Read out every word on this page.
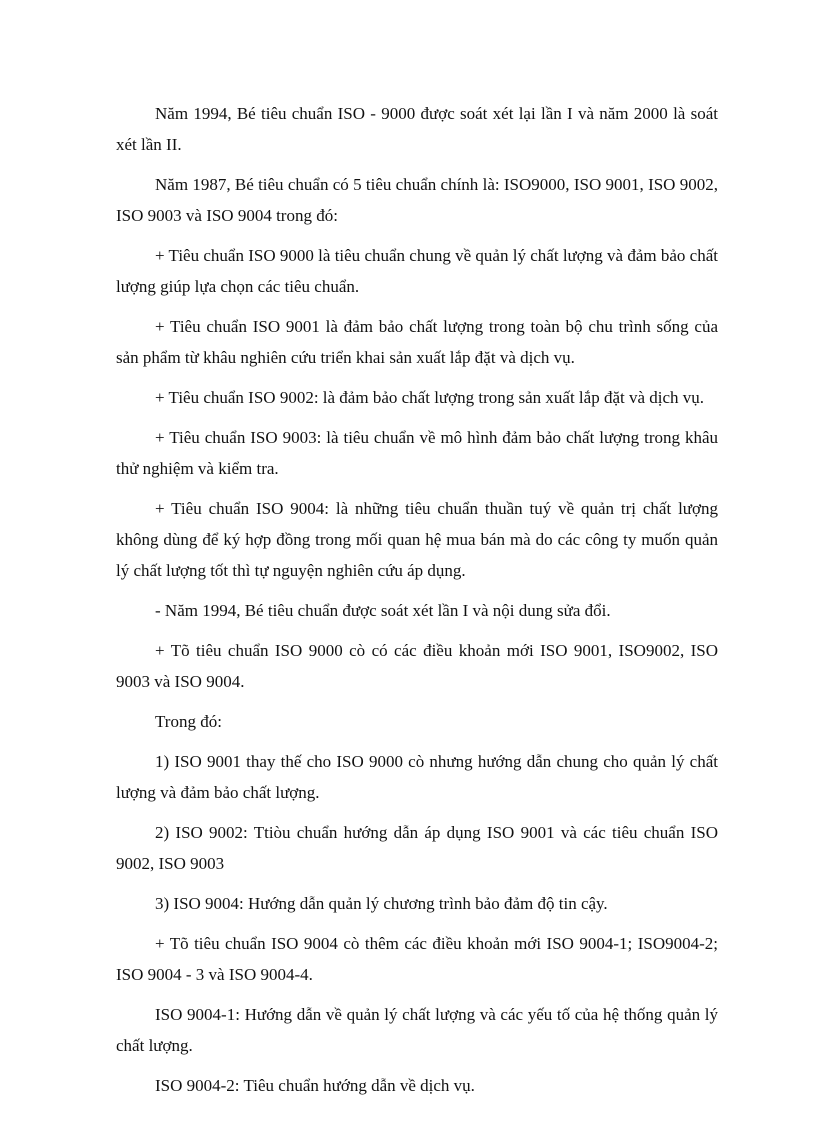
Năm 1994, Bé tiêu chuẩn ISO - 9000 được soát xét lại lần I và năm 2000 là soát xét lần II.

Năm 1987, Bé tiêu chuẩn có 5 tiêu chuẩn chính là: ISO9000, ISO 9001, ISO 9002, ISO 9003 và ISO 9004 trong đó:

+ Tiêu chuẩn ISO 9000 là tiêu chuẩn chung về quản lý chất lượng và đảm bảo chất lượng giúp lựa chọn các tiêu chuẩn.

+ Tiêu chuẩn ISO 9001 là đảm bảo chất lượng trong toàn bộ chu trình sống của sản phẩm từ khâu nghiên cứu triển khai sản xuất lắp đặt và dịch vụ.

+ Tiêu chuẩn ISO 9002: là đảm bảo chất lượng trong sản xuất lắp đặt và dịch vụ.

+ Tiêu chuẩn ISO 9003: là tiêu chuẩn về mô hình đảm bảo chất lượng trong khâu thử nghiệm và kiểm tra.

+ Tiêu chuẩn ISO 9004: là những tiêu chuẩn thuần tuý về quản trị chất lượng không dùng để ký hợp đồng trong mối quan hệ mua bán mà do các công ty muốn quản lý chất lượng tốt thì tự nguyện nghiên cứu áp dụng.

- Năm 1994, Bé tiêu chuẩn được soát xét lần I và nội dung sửa đổi.

+ Tõ tiêu chuẩn ISO 9000 cò có các điều khoản mới ISO 9001, ISO9002, ISO 9003 và ISO 9004.

Trong đó:

1) ISO 9001 thay thế cho ISO 9000 cò nhưng hướng dẫn chung cho quản lý chất lượng và đảm bảo chất lượng.

2) ISO 9002: Ttiòu chuẩn hướng dẫn áp dụng ISO 9001 và các tiêu chuẩn ISO 9002, ISO 9003

3) ISO 9004: Hướng dẫn quản lý chương trình bảo đảm độ tin cậy.

+ Tõ tiêu chuẩn ISO 9004 cò thêm các điều khoản mới ISO 9004-1; ISO9004-2; ISO 9004 - 3 và ISO 9004-4.

ISO 9004-1: Hướng dẫn về quản lý chất lượng và các yếu tố của hệ thống quản lý chất lượng.

ISO 9004-2: Tiêu chuẩn hướng dẫn về dịch vụ.
